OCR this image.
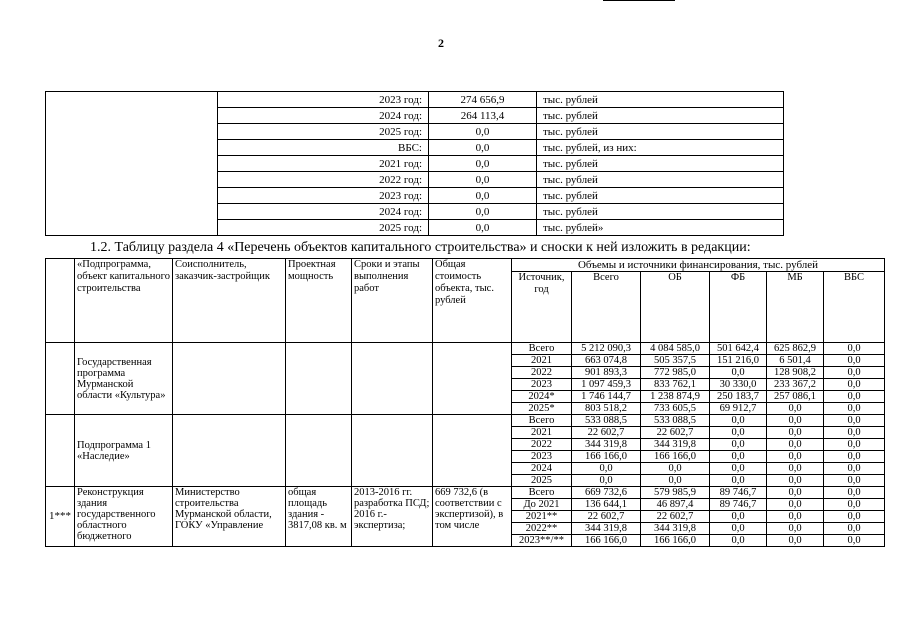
2
	2023 год:	274 656,9	тыс. рублей
	2024 год:	264 113,4	тыс. рублей
	2025 год:	0,0	тыс. рублей
	ВБС:	0,0	тыс. рублей, из них:
	2021 год:	0,0	тыс. рублей
	2022 год:	0,0	тыс. рублей
	2023 год:	0,0	тыс. рублей
	2024 год:	0,0	тыс. рублей
	2025 год:	0,0	тыс. рублей»
1.2. Таблицу раздела 4 «Перечень объектов капитального строительства» и сноски к ней изложить в редакции:
	«Подпрограмма, объект капитального строительства	Соисполнитель, заказчик-застройщик	Проектная мощность	Сроки и этапы выполнения работ	Общая стоимость объекта, тыс. рублей	Объемы и источники финансирования, тыс. рублей					
						Источник, год	Всего	ОБ	ФБ	МБ	ВБС
	Государственная программа Мурманской области «Культура»					Всего	5 212 090,3	4 084 585,0	501 642,4	625 862,9	0,0
						2021	663 074,8	505 357,5	151 216,0	6 501,4	0,0
						2022	901 893,3	772 985,0	0,0	128 908,2	0,0
						2023	1 097 459,3	833 762,1	30 330,0	233 367,2	0,0
						2024*	1 746 144,7	1 238 874,9	250 183,7	257 086,1	0,0
						2025*	803 518,2	733 605,5	69 912,7	0,0	0,0
	Подпрограмма 1 «Наследие»					Всего	533 088,5	533 088,5	0,0	0,0	0,0
						2021	22 602,7	22 602,7	0,0	0,0	0,0
						2022	344 319,8	344 319,8	0,0	0,0	0,0
						2023	166 166,0	166 166,0	0,0	0,0	0,0
						2024	0,0	0,0	0,0	0,0	0,0
						2025	0,0	0,0	0,0	0,0	0,0
1***	Реконструкция здания государственного областного бюджетного	Министерство строительства Мурманской области, ГОКУ «Управление	общая площадь здания - 3817,08 кв. м	2013-2016 гг. разработка ПСД; 2016 г.- экспертиза;	669 732,6 (в соответствии с экспертизой), в том числе	Всего	669 732,6	579 985,9	89 746,7	0,0	0,0
						До 2021	136 644,1	46 897,4	89 746,7	0,0	0,0
						2021**	22 602,7	22 602,7	0,0	0,0	0,0
						2022**	344 319,8	344 319,8	0,0	0,0	0,0
						2023**/**	166 166,0	166 166,0	0,0	0,0	0,0
